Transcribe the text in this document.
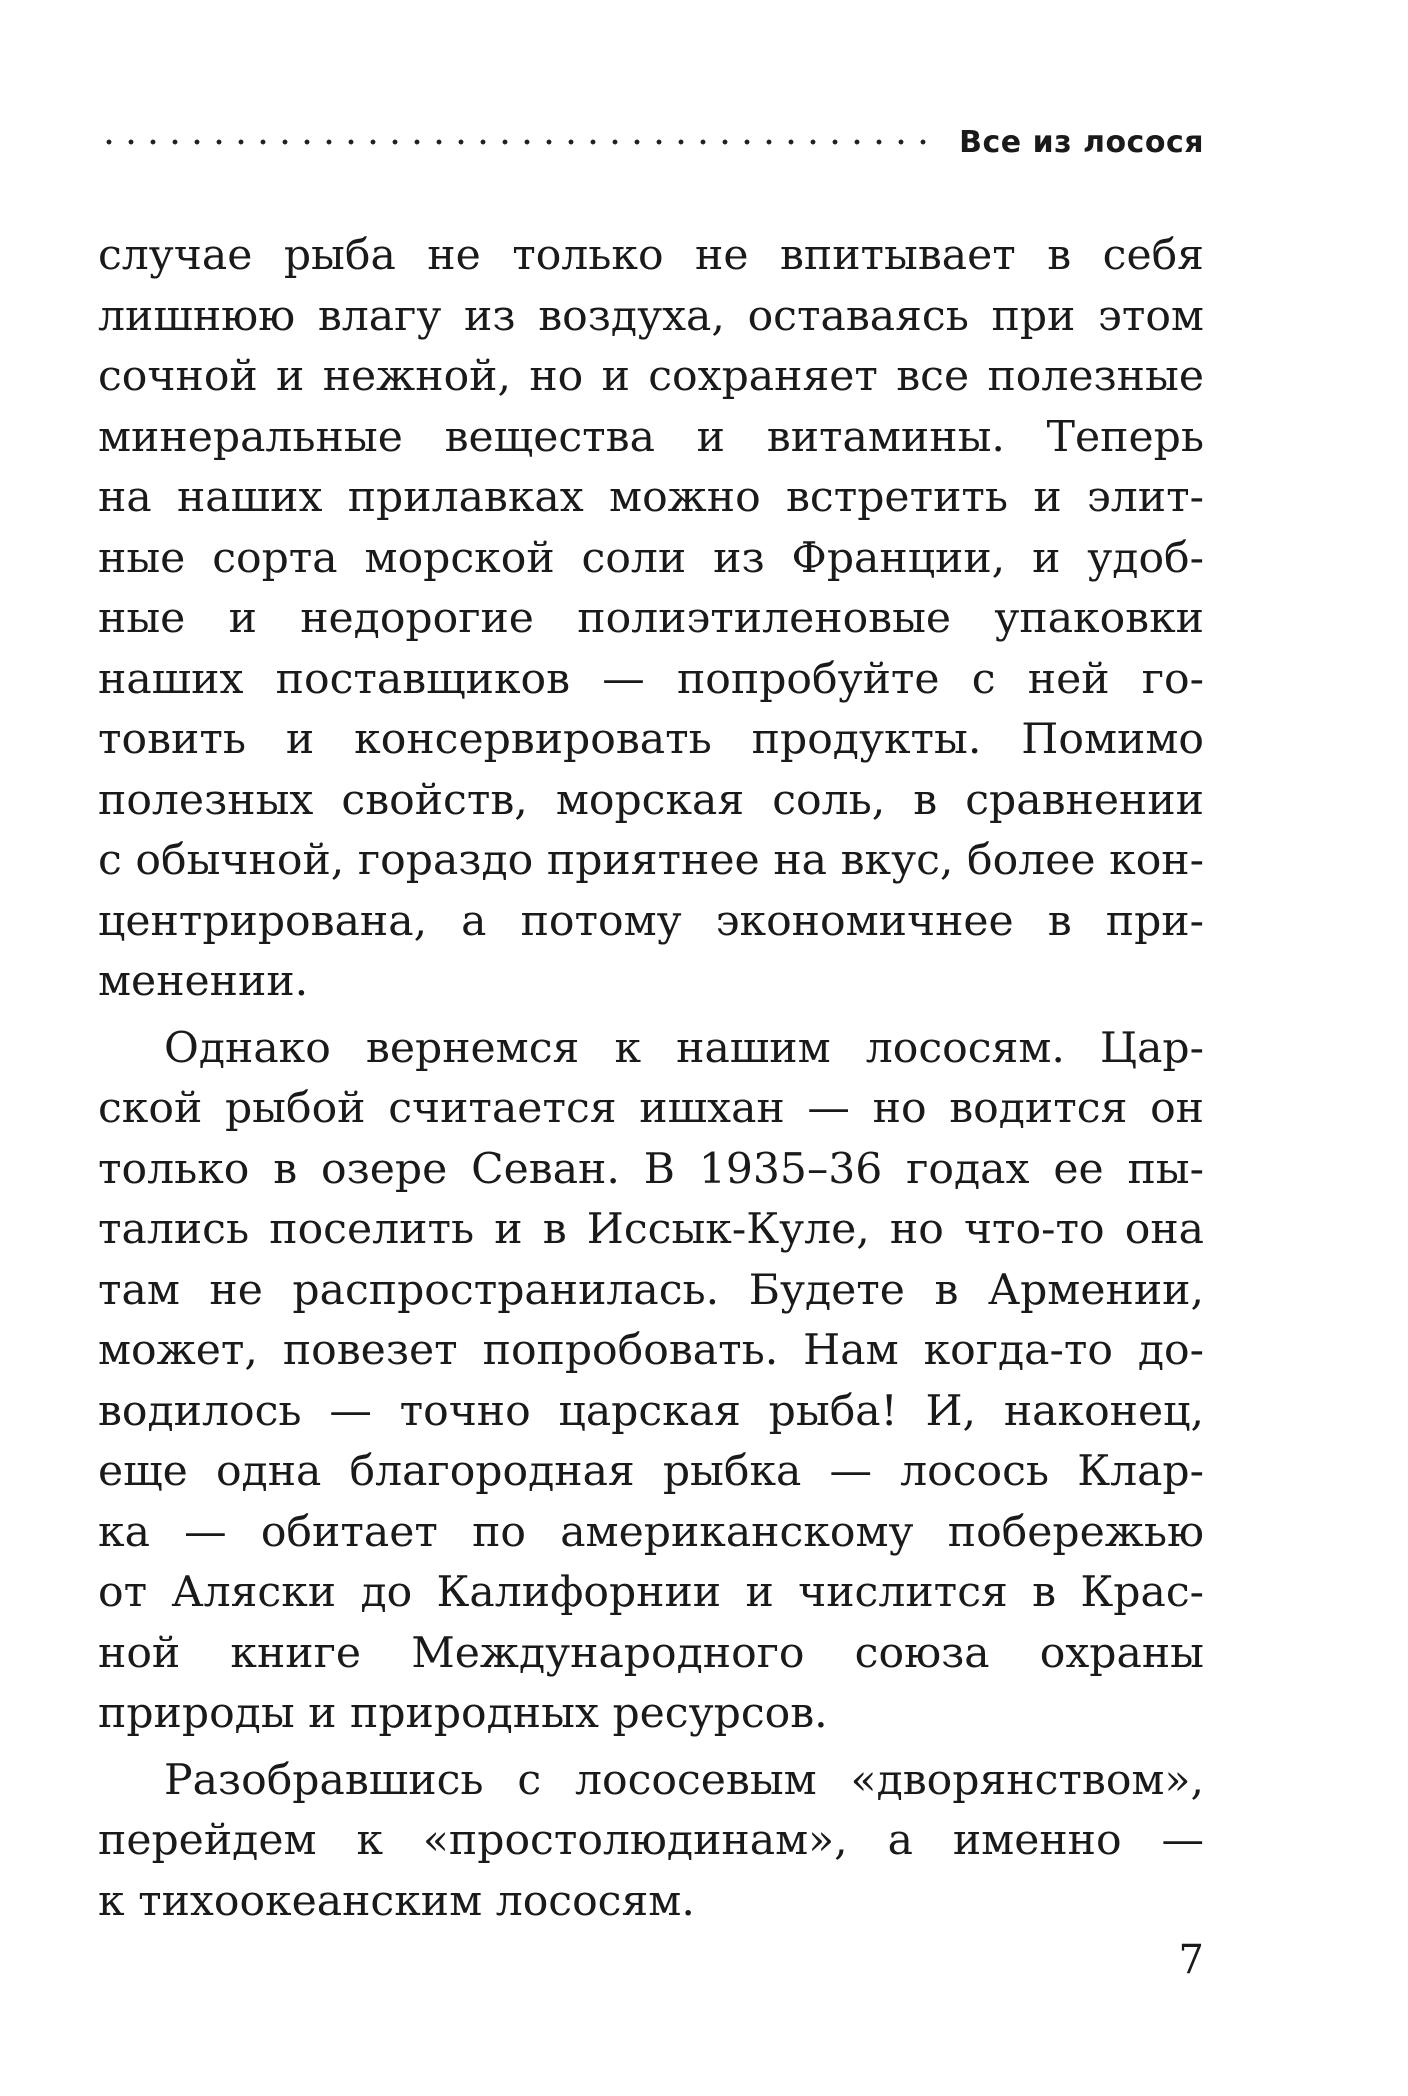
Все из лосося
случае рыба не только не впитывает в себя
лишнюю влагу из воздуха, оставаясь при этом
сочной и нежной, но и сохраняет все полезные
минеральные вещества и витамины. Теперь
на наших прилавках можно встретить и элит-
ные сорта морской соли из Франции, и удоб-
ные и недорогие полиэтиленовые упаковки
наших поставщиков — попробуйте с ней го-
товить и консервировать продукты. Помимо
полезных свойств, морская соль, в сравнении
с обычной, гораздо приятнее на вкус, более кон-
центрирована, а потому экономичнее в при-
менении.
Однако вернемся к нашим лососям. Цар-
ской рыбой считается ишхан — но водится он
только в озере Севан. В 1935–36 годах ее пы-
тались поселить и в Иссык-Куле, но что-то она
там не распространилась. Будете в Армении,
может, повезет попробовать. Нам когда-то до-
водилось — точно царская рыба! И, наконец,
еще одна благородная рыбка — лосось Клар-
ка — обитает по американскому побережью
от Аляски до Калифорнии и числится в Крас-
ной книге Международного союза охраны
природы и природных ресурсов.
Разобравшись с лососевым «дворянством»,
перейдем к «простолюдинам», а именно —
к тихоокеанским лососям.
7
